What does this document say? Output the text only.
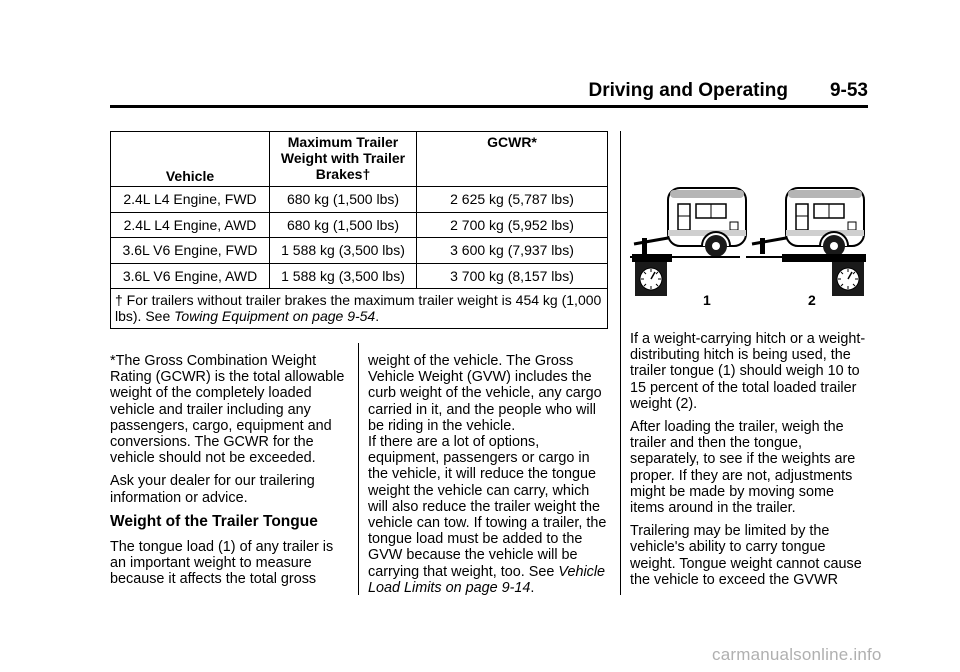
Driving and Operating 9-53
Vehicle	Maximum Trailer Weight with Trailer Brakes†	GCWR*
2.4L L4 Engine, FWD	680 kg (1,500 lbs)	2 625 kg (5,787 lbs)
2.4L L4 Engine, AWD	680 kg (1,500 lbs)	2 700 kg (5,952 lbs)
3.6L V6 Engine, FWD	1 588 kg (3,500 lbs)	3 600 kg (7,937 lbs)
3.6L V6 Engine, AWD	1 588 kg (3,500 lbs)	3 700 kg (8,157 lbs)
† For trailers without trailer brakes the maximum trailer weight is 454 kg (1,000 lbs). See Towing Equipment on page 9-54.		

*The Gross Combination Weight Rating (GCWR) is the total allowable weight of the completely loaded vehicle and trailer including any passengers, cargo, equipment and conversions. The GCWR for the vehicle should not be exceeded.

Ask your dealer for our trailering information or advice.

Weight of the Trailer Tongue

The tongue load (1) of any trailer is an important weight to measure because it affects the total gross

weight of the vehicle. The Gross Vehicle Weight (GVW) includes the curb weight of the vehicle, any cargo carried in it, and the people who will be riding in the vehicle.

If there are a lot of options, equipment, passengers or cargo in the vehicle, it will reduce the tongue weight the vehicle can carry, which will also reduce the trailer weight the vehicle can tow. If towing a trailer, the tongue load must be added to the GVW because the vehicle will be carrying that weight, too. See Vehicle Load Limits on page 9-14.

1	2

If a weight-carrying hitch or a weight-distributing hitch is being used, the trailer tongue (1) should weigh 10 to 15 percent of the total loaded trailer weight (2).

After loading the trailer, weigh the trailer and then the tongue, separately, to see if the weights are proper. If they are not, adjustments might be made by moving some items around in the trailer.

Trailering may be limited by the vehicle's ability to carry tongue weight. Tongue weight cannot cause the vehicle to exceed the GVWR

carmanualsonline.info
